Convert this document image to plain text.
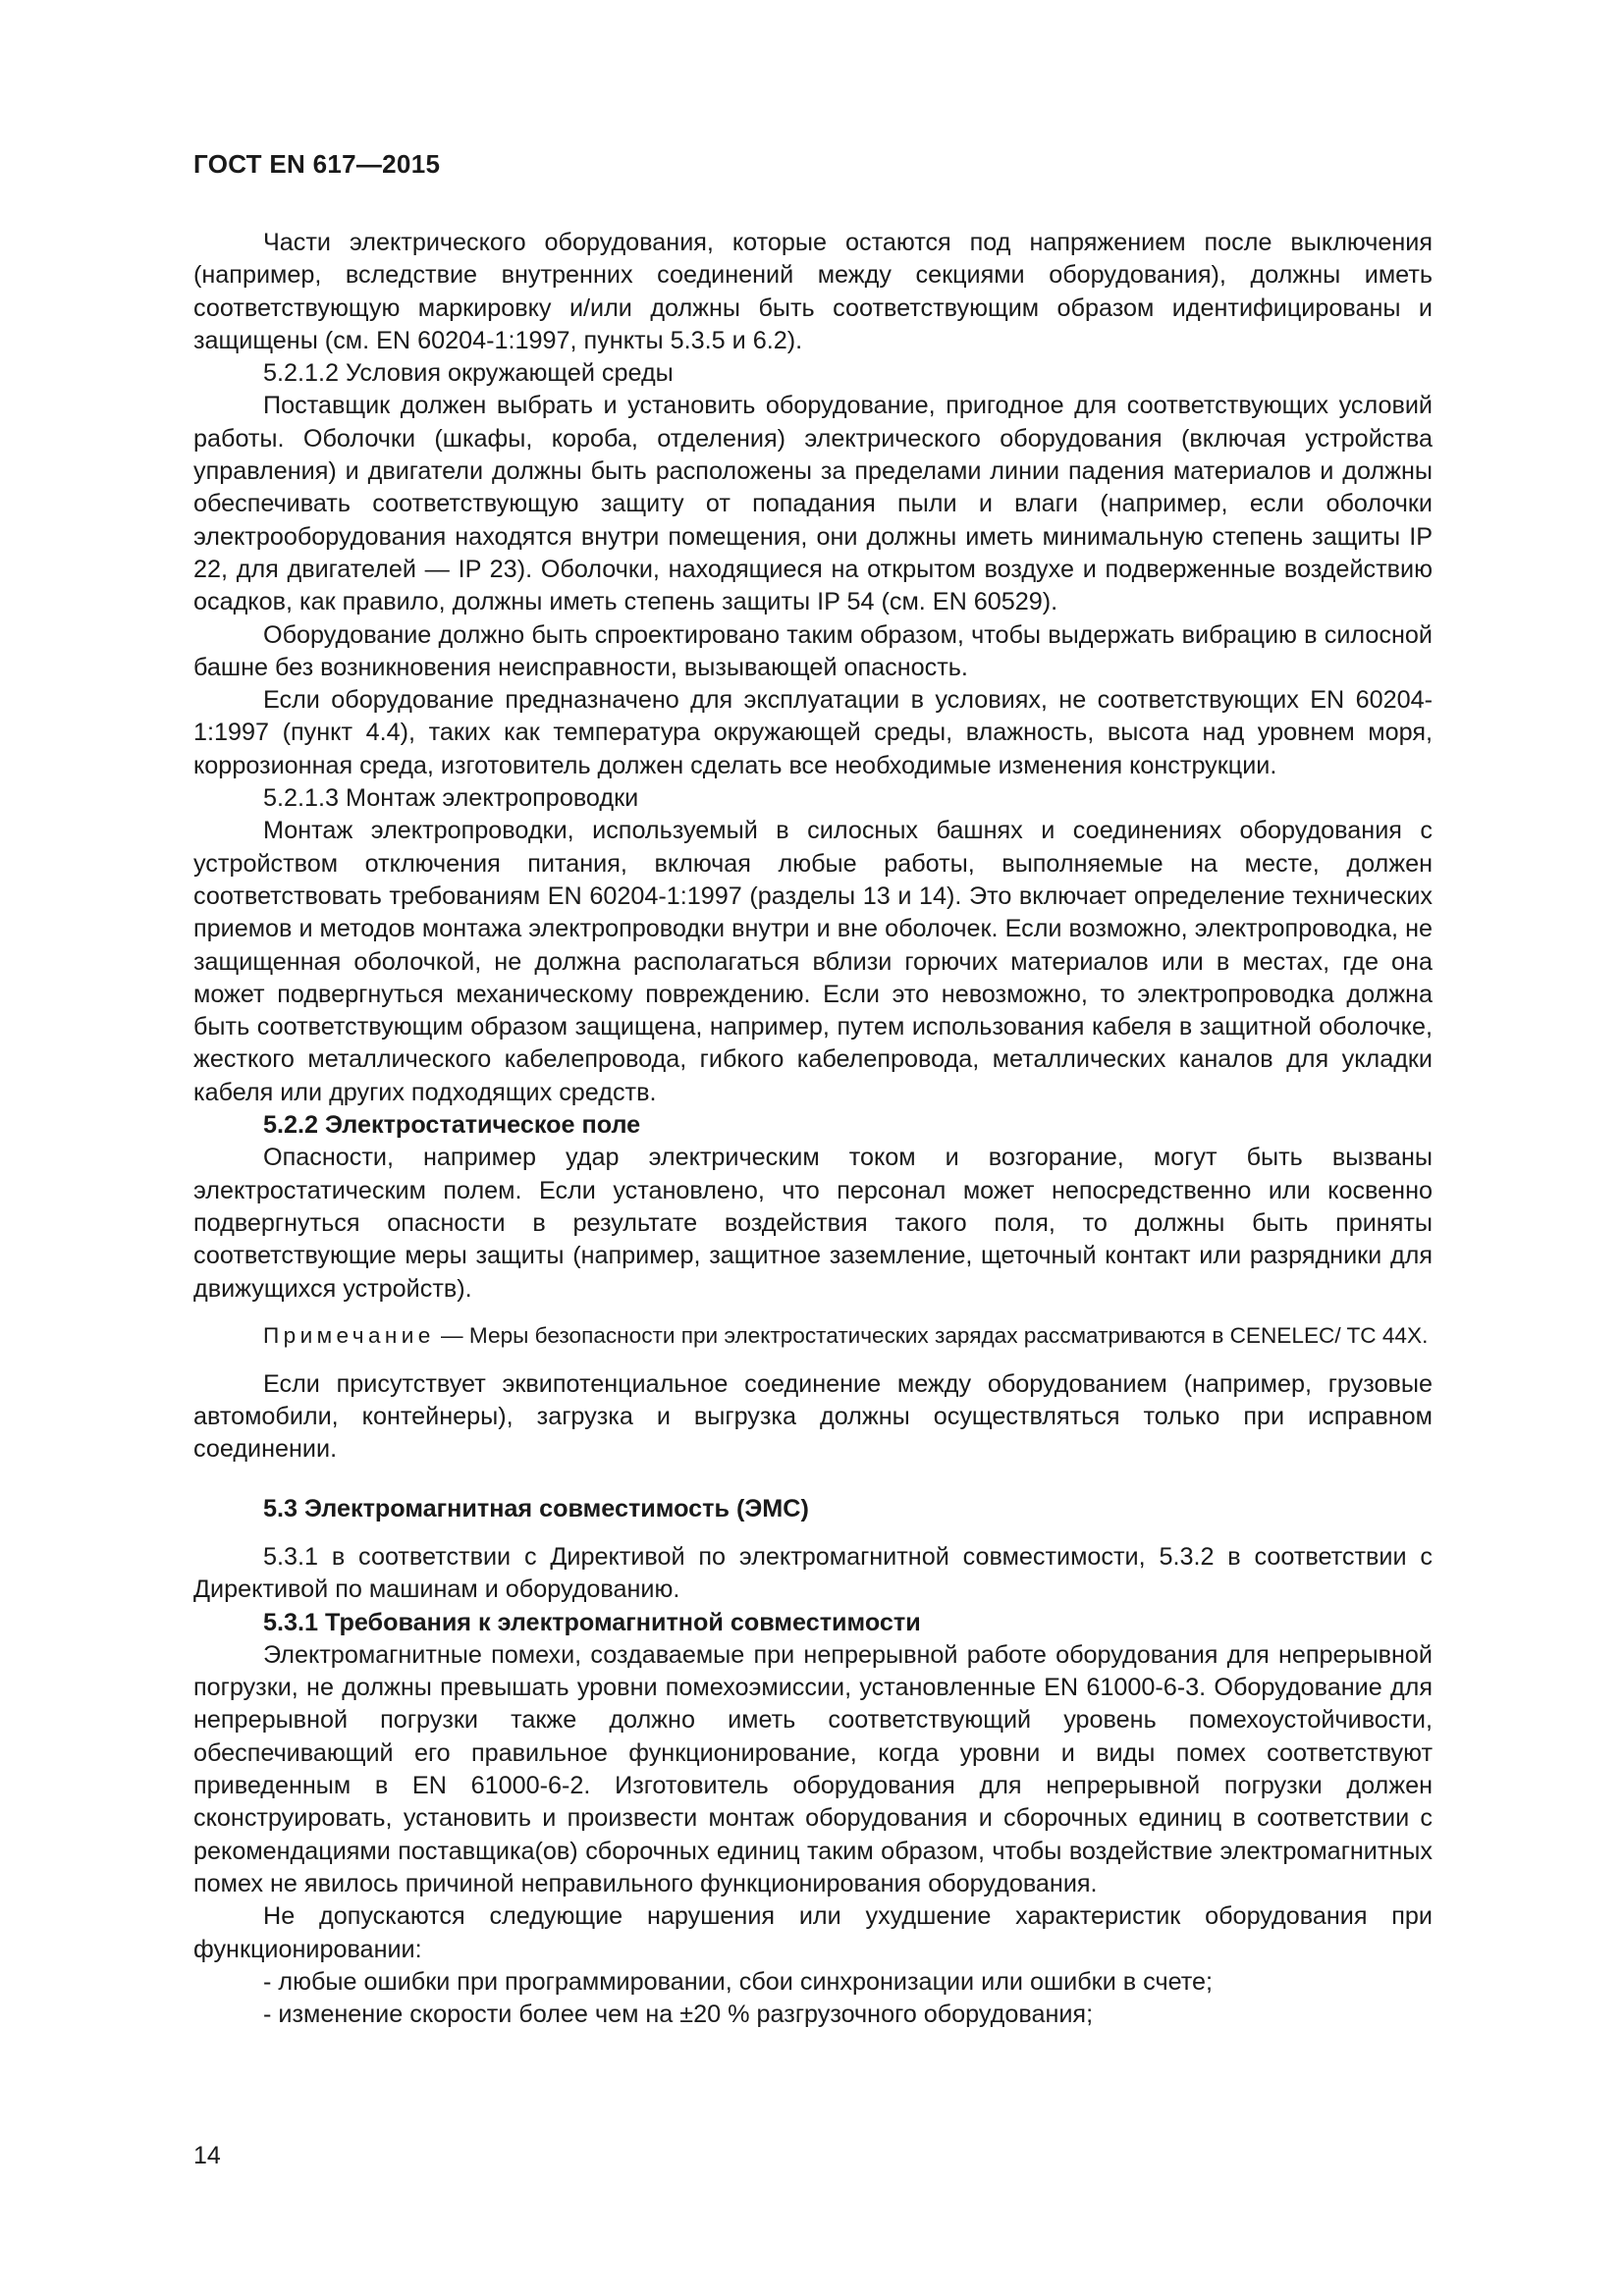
ГОСТ EN 617—2015

Части электрического оборудования, которые остаются под напряжением после выключения (например, вследствие внутренних соединений между секциями оборудования), должны иметь соответствующую маркировку и/или должны быть соответствующим образом идентифицированы и защищены (см. EN 60204-1:1997, пункты 5.3.5 и 6.2).

5.2.1.2 Условия окружающей среды

Поставщик должен выбрать и установить оборудование, пригодное для соответствующих условий работы. Оболочки (шкафы, короба, отделения) электрического оборудования (включая устройства управления) и двигатели должны быть расположены за пределами линии падения материалов и должны обеспечивать соответствующую защиту от попадания пыли и влаги (например, если оболочки электрооборудования находятся внутри помещения, они должны иметь минимальную степень защиты IP 22, для двигателей — IP 23). Оболочки, находящиеся на открытом воздухе и подверженные воздействию осадков, как правило, должны иметь степень защиты IP 54 (см. EN 60529).

Оборудование должно быть спроектировано таким образом, чтобы выдержать вибрацию в силосной башне без возникновения неисправности, вызывающей опасность.

Если оборудование предназначено для эксплуатации в условиях, не соответствующих EN 60204-1:1997 (пункт 4.4), таких как температура окружающей среды, влажность, высота над уровнем моря, коррозионная среда, изготовитель должен сделать все необходимые изменения конструкции.

5.2.1.3 Монтаж электропроводки

Монтаж электропроводки, используемый в силосных башнях и соединениях оборудования с устройством отключения питания, включая любые работы, выполняемые на месте, должен соответствовать требованиям EN 60204-1:1997 (разделы 13 и 14). Это включает определение технических приемов и методов монтажа электропроводки внутри и вне оболочек. Если возможно, электропроводка, не защищенная оболочкой, не должна располагаться вблизи горючих материалов или в местах, где она может подвергнуться механическому повреждению. Если это невозможно, то электропроводка должна быть соответствующим образом защищена, например, путем использования кабеля в защитной оболочке, жесткого металлического кабелепровода, гибкого кабелепровода, металлических каналов для укладки кабеля или других подходящих средств.

5.2.2 Электростатическое поле

Опасности, например удар электрическим током и возгорание, могут быть вызваны электростатическим полем. Если установлено, что персонал может непосредственно или косвенно подвергнуться опасности в результате воздействия такого поля, то должны быть приняты соответствующие меры защиты (например, защитное заземление, щеточный контакт или разрядники для движущихся устройств).

Примечание — Меры безопасности при электростатических зарядах рассматриваются в CENELEC/ TC 44X.

Если присутствует эквипотенциальное соединение между оборудованием (например, грузовые автомобили, контейнеры), загрузка и выгрузка должны осуществляться только при исправном соединении.

5.3 Электромагнитная совместимость (ЭМС)

5.3.1 в соответствии с Директивой по электромагнитной совместимости, 5.3.2 в соответствии с Директивой по машинам и оборудованию.

5.3.1 Требования к электромагнитной совместимости

Электромагнитные помехи, создаваемые при непрерывной работе оборудования для непрерывной погрузки, не должны превышать уровни помехоэмиссии, установленные EN 61000-6-3. Оборудование для непрерывной погрузки также должно иметь соответствующий уровень помехоустойчивости, обеспечивающий его правильное функционирование, когда уровни и виды помех соответствуют приведенным в EN 61000-6-2. Изготовитель оборудования для непрерывной погрузки должен сконструировать, установить и произвести монтаж оборудования и сборочных единиц в соответствии с рекомендациями поставщика(ов) сборочных единиц таким образом, чтобы воздействие электромагнитных помех не явилось причиной неправильного функционирования оборудования.

Не допускаются следующие нарушения или ухудшение характеристик оборудования при функционировании:

- любые ошибки при программировании, сбои синхронизации или ошибки в счете;

- изменение скорости более чем на ±20 % разгрузочного оборудования;

14
